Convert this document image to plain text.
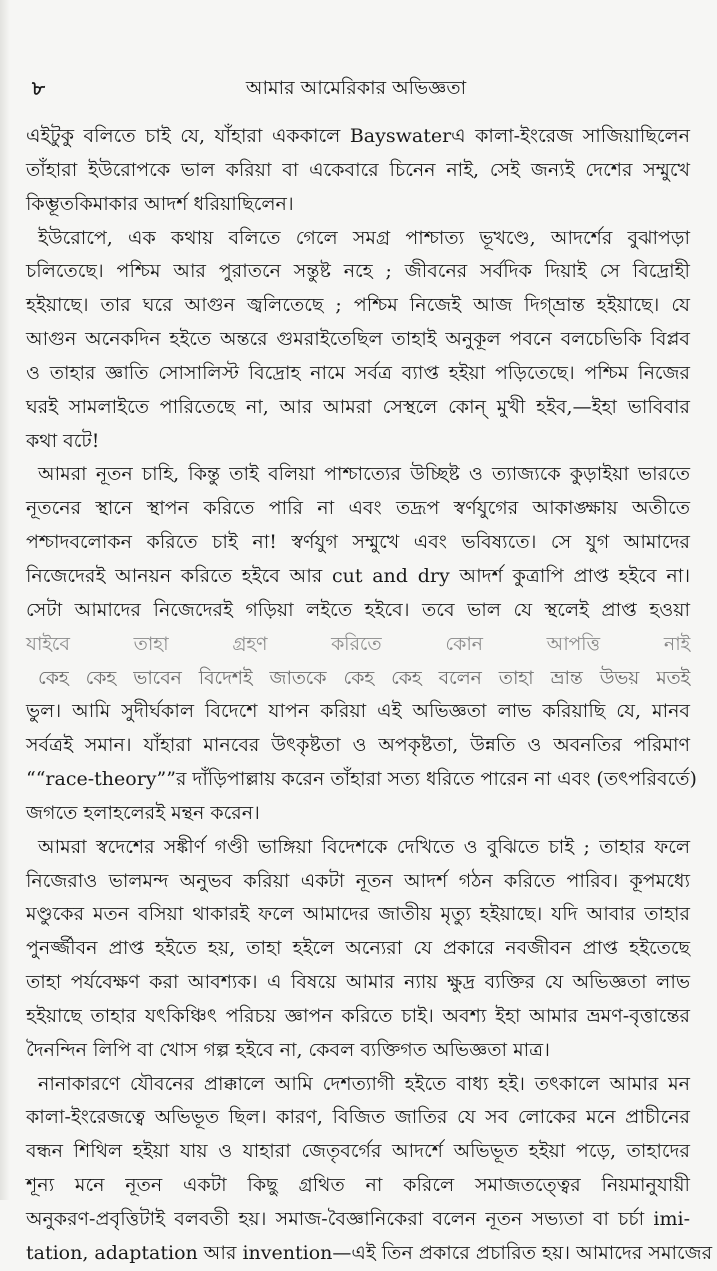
৮	আমার আমেরিকার অভিজ্ঞতা
এইটুকু বলিতে চাই যে, যাঁহারা এককালে Bayswaterএ কালা-ইংরেজ সাজিয়াছিলেন
তাঁহারা ইউরোপকে ভাল করিয়া বা একেবারে চিনেন নাই, সেই জন্যই দেশের সম্মুখে
কিম্ভূতকিমাকার আদর্শ ধরিয়াছিলেন।
ইউরোপে, এক কথায় বলিতে গেলে সমগ্র পাশ্চাত্য ভূখণ্ডে, আদর্শের বুঝাপড়া
চলিতেছে। পশ্চিম আর পুরাতনে সন্তুষ্ট নহে ; জীবনের সর্বদিক দিয়াই সে বিদ্রোহী
হইয়াছে। তার ঘরে আগুন জ্বলিতেছে ; পশ্চিম নিজেই আজ দিগ্‌ভ্রান্ত হইয়াছে। যে
আগুন অনেকদিন হইতে অন্তরে গুমরাইতেছিল তাহাই অনুকূল পবনে বলচেভিকি বিপ্লব
ও তাহার জ্ঞাতি সোসালিস্ট বিদ্রোহ নামে সর্বত্র ব্যাপ্ত হইয়া পড়িতেছে। পশ্চিম নিজের
ঘরই সামলাইতে পারিতেছে না, আর আমরা সেস্থলে কোন্‌ মুখী হইব,—ইহা ভাবিবার
কথা বটে!
আমরা নূতন চাহি, কিন্তু তাই বলিয়া পাশ্চাত্যের উচ্ছিষ্ট ও ত্যাজ্যকে কুড়াইয়া ভারতে
নূতনের স্থানে স্থাপন করিতে পারি না এবং তদ্রূপ স্বর্ণযুগের আকাঙ্ক্ষায় অতীতে
পশ্চাদবলোকন করিতে চাই না! স্বর্ণযুগ সম্মুখে এবং ভবিষ্যতে। সে যুগ আমাদের
নিজেদেরই আনয়ন করিতে হইবে আর cut and dry আদর্শ কুত্রাপি প্রাপ্ত হইবে না।
সেটা আমাদের নিজেদেরই গড়িয়া লইতে হইবে। তবে ভাল যে স্থলেই প্রাপ্ত হওয়া
যাইবে তাহা গ্রহণ করিতে কোন আপত্তি নাই
কেহ কেহ ভাবেন বিদেশই জাতকে কেহ কেহ বলেন তাহা ভ্রান্ত উভয় মতই
ভুল। আমি সুদীর্ঘকাল বিদেশে যাপন করিয়া এই অভিজ্ঞতা লাভ করিয়াছি যে, মানব
সর্বত্রই সমান। যাঁহারা মানবের উৎকৃষ্টতা ও অপকৃষ্টতা, উন্নতি ও অবনতির পরিমাণ
““race-theory””র দাঁড়িপাল্লায় করেন তাঁহারা সত্য ধরিতে পারেন না এবং (তৎপরিবর্তে)
জগতে হলাহলেরই মন্থন করেন।
আমরা স্বদেশের সঙ্কীর্ণ গণ্ডী ভাঙ্গিয়া বিদেশকে দেখিতে ও বুঝিতে চাই ; তাহার ফলে
নিজেরাও ভালমন্দ অনুভব করিয়া একটা নূতন আদর্শ গঠন করিতে পারিব। কূপমধ্যে
মণ্ডুকের মতন বসিয়া থাকারই ফলে আমাদের জাতীয় মৃত্যু হইয়াছে। যদি আবার তাহার
পুনর্জ্জীবন প্রাপ্ত হইতে হয়, তাহা হইলে অন্যেরা যে প্রকারে নবজীবন প্রাপ্ত হইতেছে
তাহা পর্যবেক্ষণ করা আবশ্যক। এ বিষয়ে আমার ন্যায় ক্ষুদ্র ব্যক্তির যে অভিজ্ঞতা লাভ
হইয়াছে তাহার যৎকিঞ্চিৎ পরিচয় জ্ঞাপন করিতে চাই। অবশ্য ইহা আমার ভ্রমণ-বৃত্তান্তের
দৈনন্দিন লিপি বা খোস গল্প হইবে না, কেবল ব্যক্তিগত অভিজ্ঞতা মাত্র।
নানাকারণে যৌবনের প্রাক্কালে আমি দেশত্যাগী হইতে বাধ্য হই। তৎকালে আমার মন
কালা-ইংরেজত্বে অভিভূত ছিল। কারণ, বিজিত জাতির যে সব লোকের মনে প্রাচীনের
বন্ধন শিথিল হইয়া যায় ও যাহারা জেতৃবর্গের আদর্শে অভিভূত হইয়া পড়ে, তাহাদের
শূন্য মনে নূতন একটা কিছু গ্রথিত না করিলে সমাজতত্ত্বের নিয়মানুযায়ী
অনুকরণ-প্রবৃত্তিটাই বলবতী হয়। সমাজ-বৈজ্ঞানিকেরা বলেন নূতন সভ্যতা বা চর্চা imi-
tation, adaptation আর invention—এই তিন প্রকারে প্রচারিত হয়। আমাদের সমাজের
